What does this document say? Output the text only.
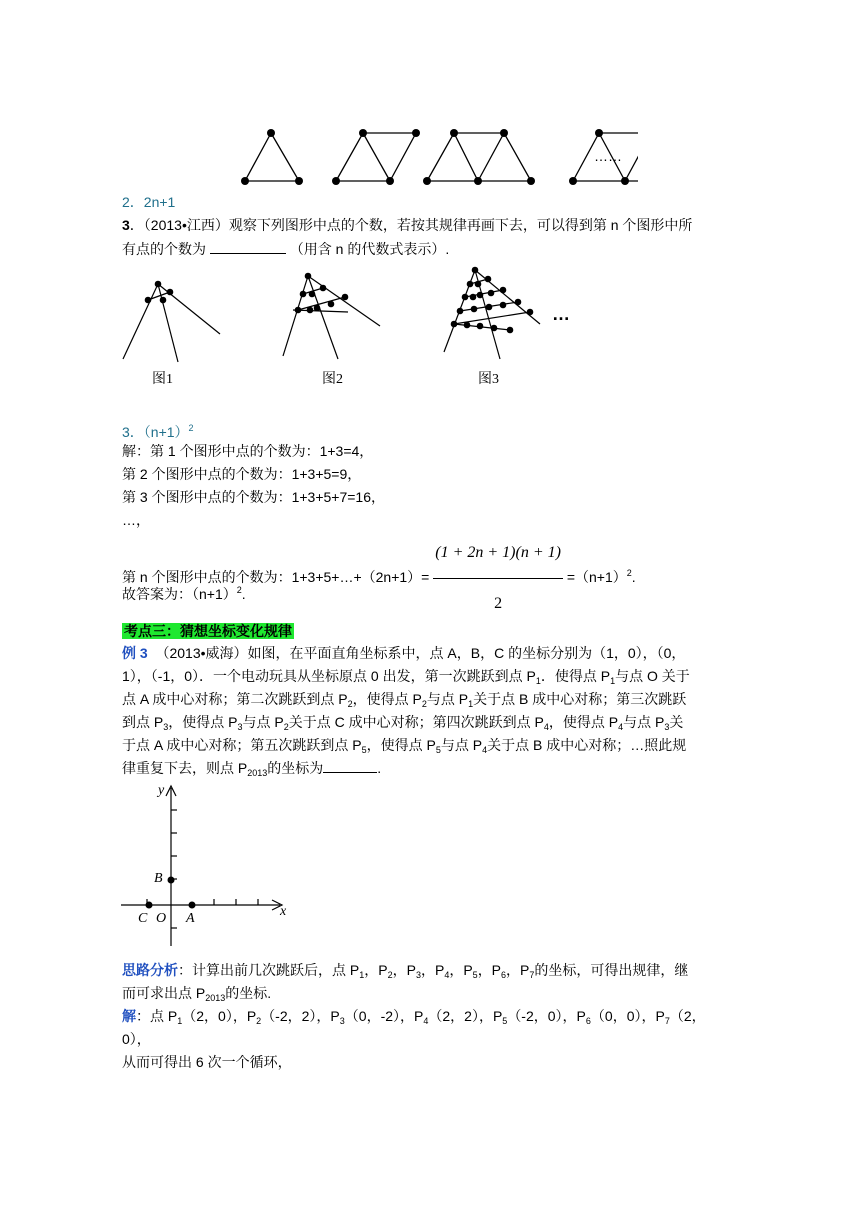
……
2．2n+1
3．（2013•江西）观察下列图形中点的个数，若按其规律再画下去，可以得到第 n 个图形中所
有点的个数为	（用含 n 的代数式表示）.
…
图1	图2	图3
3．$(n+1)^2$
解：第 1 个图形中点的个数为：1+3=4，
第 2 个图形中点的个数为：1+3+5=9，
第 3 个图形中点的个数为：1+3+5+7=16，
…，
第 n 个图形中点的个数为：1+3+5+…+（2n+1）= $\frac{(1 + 2n + 1)(n + 1)}{2} =(n+1)^2$.
故答案为：$(n+1)^2$.
考点三：猜想坐标变化规律
例 3 （2013•威海）如图，在平面直角坐标系中，点 A，B，C 的坐标分别为（1，0），（0，
1），（-1，0）．一个电动玩具从坐标原点 0 出发，第一次跳跃到点 $P_1$．使得点 $P_1$与点 O 关于
点 A 成中心对称；第二次跳跃到点 $P_2$，使得点 $P_2$与点 $P_1$关于点 B 成中心对称；第三次跳跃
到点 $P_3$，使得点 $P_3$与点 $P_2$关于点 C 成中心对称；第四次跳跃到点 $P_4$，使得点 $P_4$与点 $P_3$关
于点 A 成中心对称；第五次跳跃到点 $P_5$，使得点 $P_5$与点 $P_4$关于点 B 成中心对称；…照此规
律重复下去，则点 $P_{2013}$的坐标为	.
y
x
B
C O A
思路分析：计算出前几次跳跃后，点 $P_1$，$P_2$，$P_3$，$P_4$，$P_5$，$P_6$，$P_7$的坐标，可得出规律，继
而可求出点 $P_{2013}$的坐标.
解：点 $P_1(2$，0），$P_2(-2$，2），$P_3(0$，-2），$P_4(2$，2），$P_5(-2$，0），$P_6(0$，0），$P_7(2$，
0），
从而可得出 6 次一个循环，
